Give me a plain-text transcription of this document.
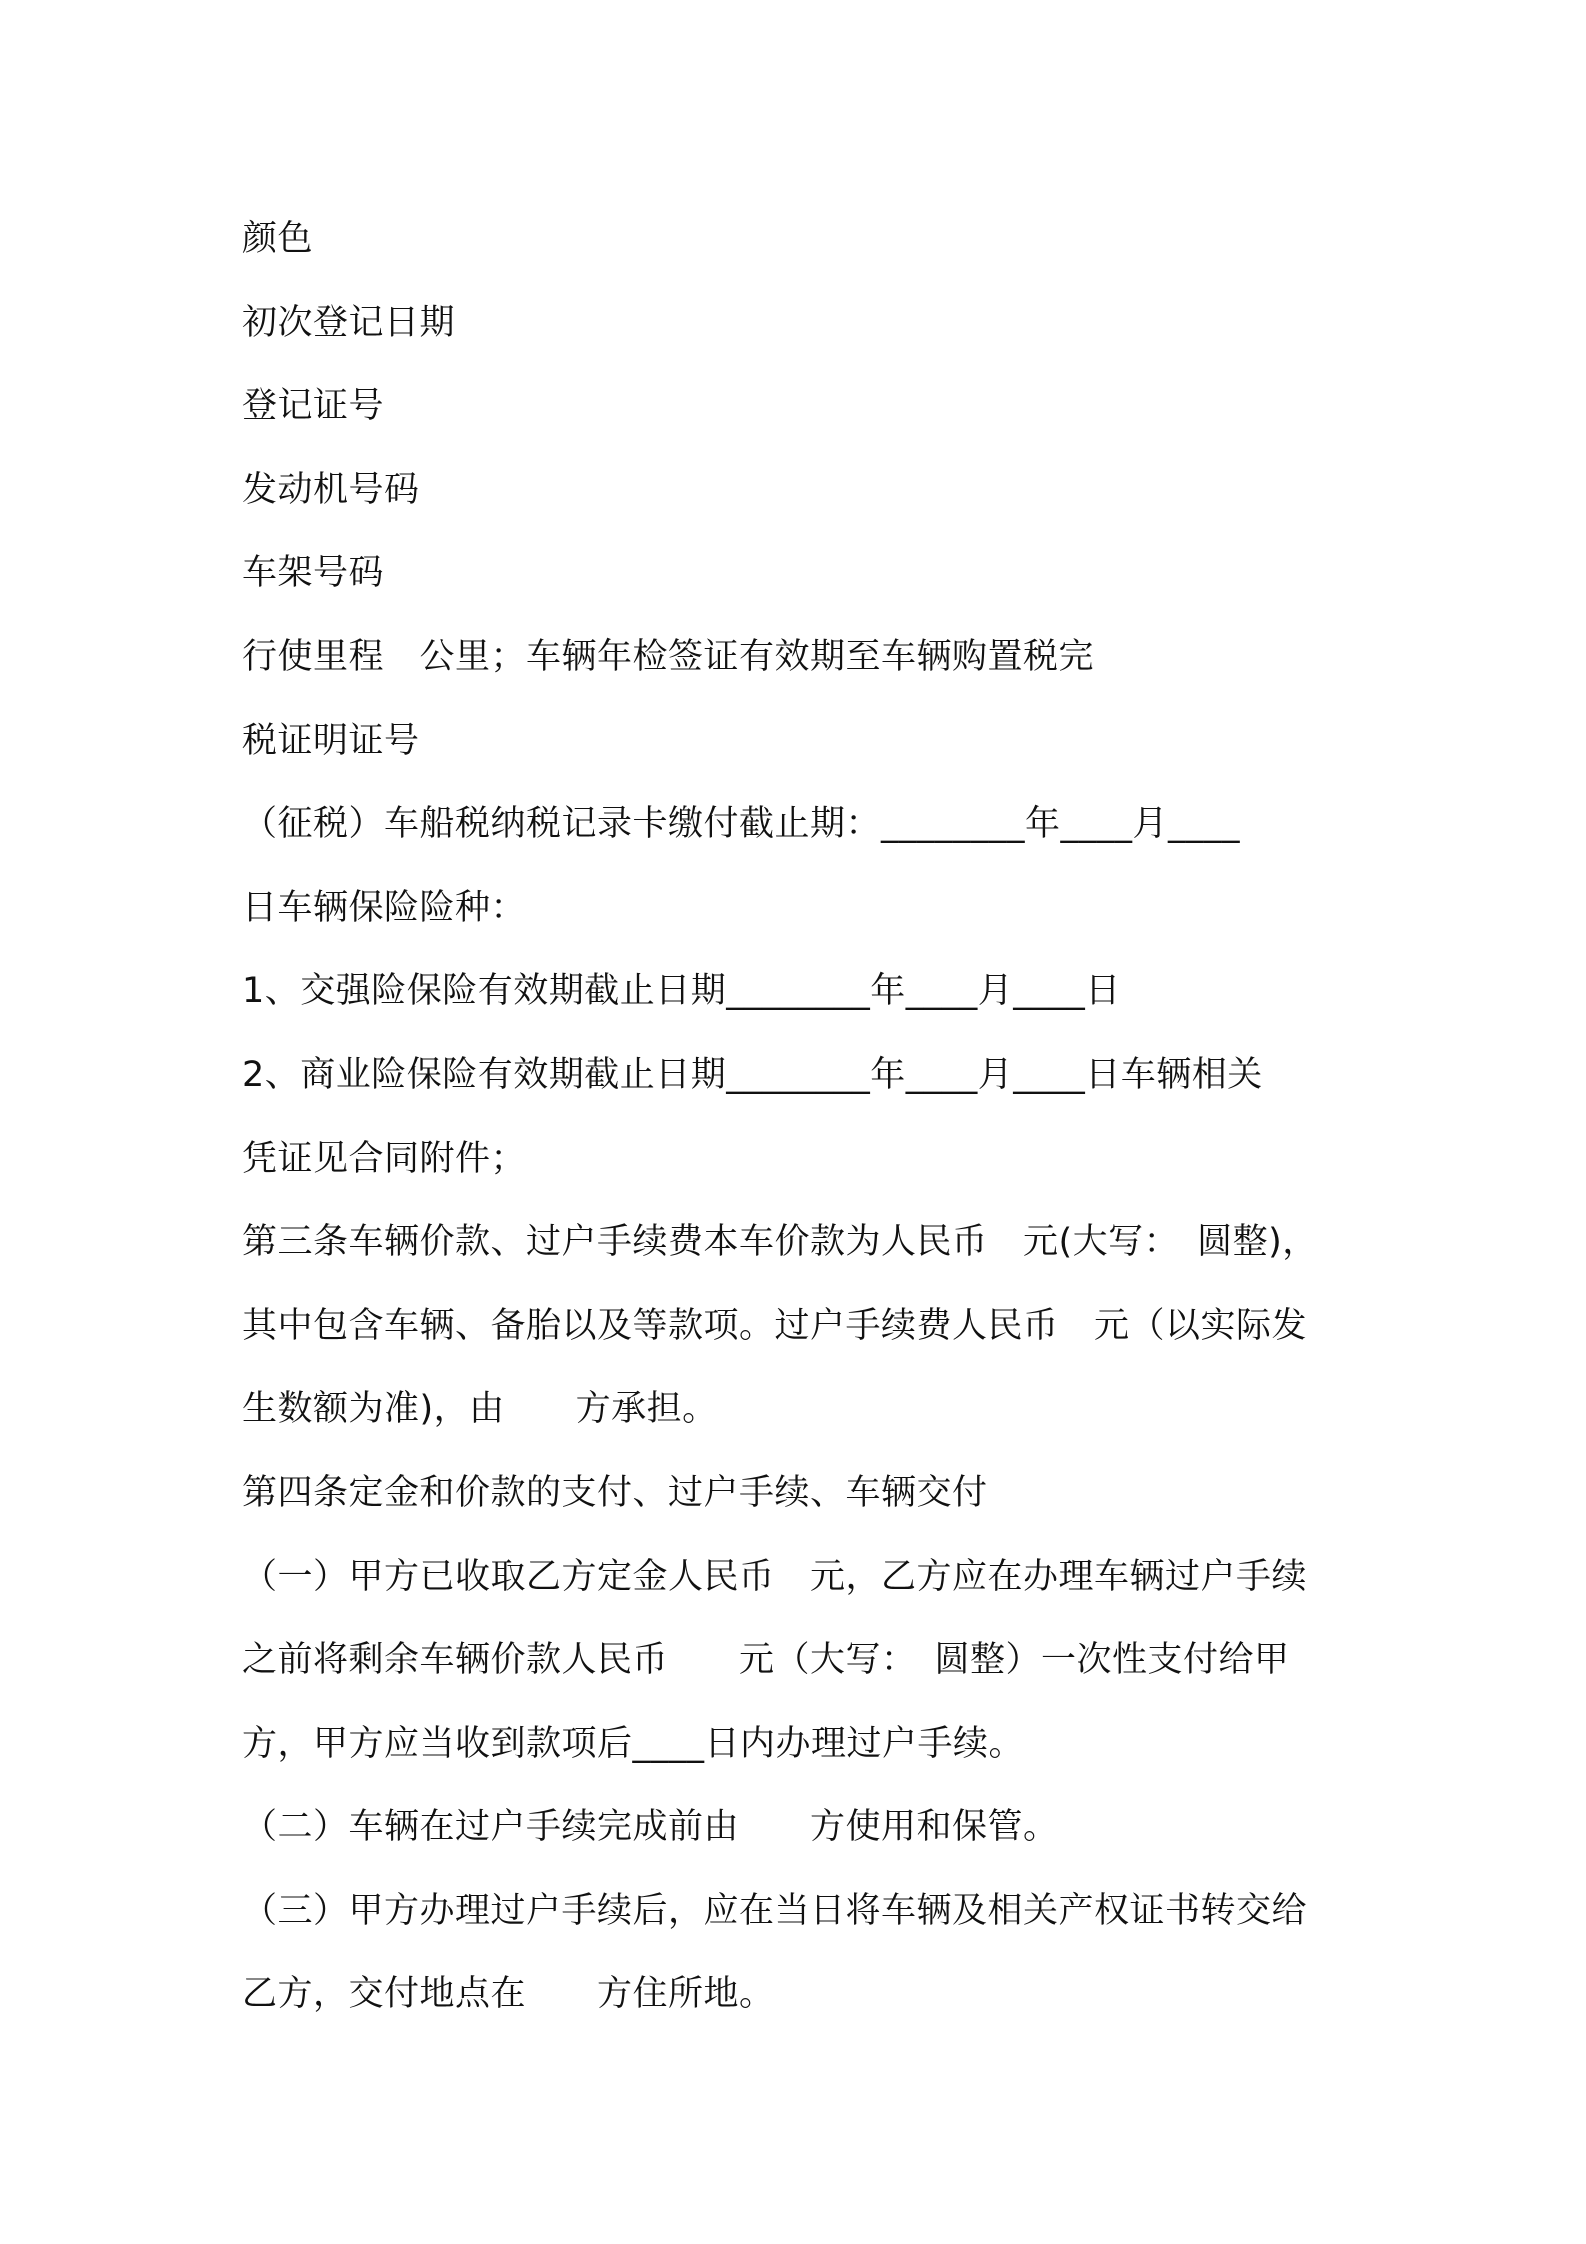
颜色
初次登记日期
登记证号
发动机号码
车架号码
行使里程　公里；车辆年检签证有效期至车辆购置税完
税证明证号
（征税）车船税纳税记录卡缴付截止期：________年____月____
日车辆保险险种：
1、交强险保险有效期截止日期________年____月____日
2、商业险保险有效期截止日期________年____月____日车辆相关
凭证见合同附件；
第三条车辆价款、过户手续费本车价款为人民币　元(大写：　圆整)，
其中包含车辆、备胎以及等款项。过户手续费人民币　元（以实际发
生数额为准)，由　　方承担。
第四条定金和价款的支付、过户手续、车辆交付
（一）甲方已收取乙方定金人民币　元，乙方应在办理车辆过户手续
之前将剩余车辆价款人民币　　元（大写：　圆整）一次性支付给甲
方，甲方应当收到款项后____日内办理过户手续。
（二）车辆在过户手续完成前由　　方使用和保管。
（三）甲方办理过户手续后，应在当日将车辆及相关产权证书转交给
乙方，交付地点在　　方住所地。
